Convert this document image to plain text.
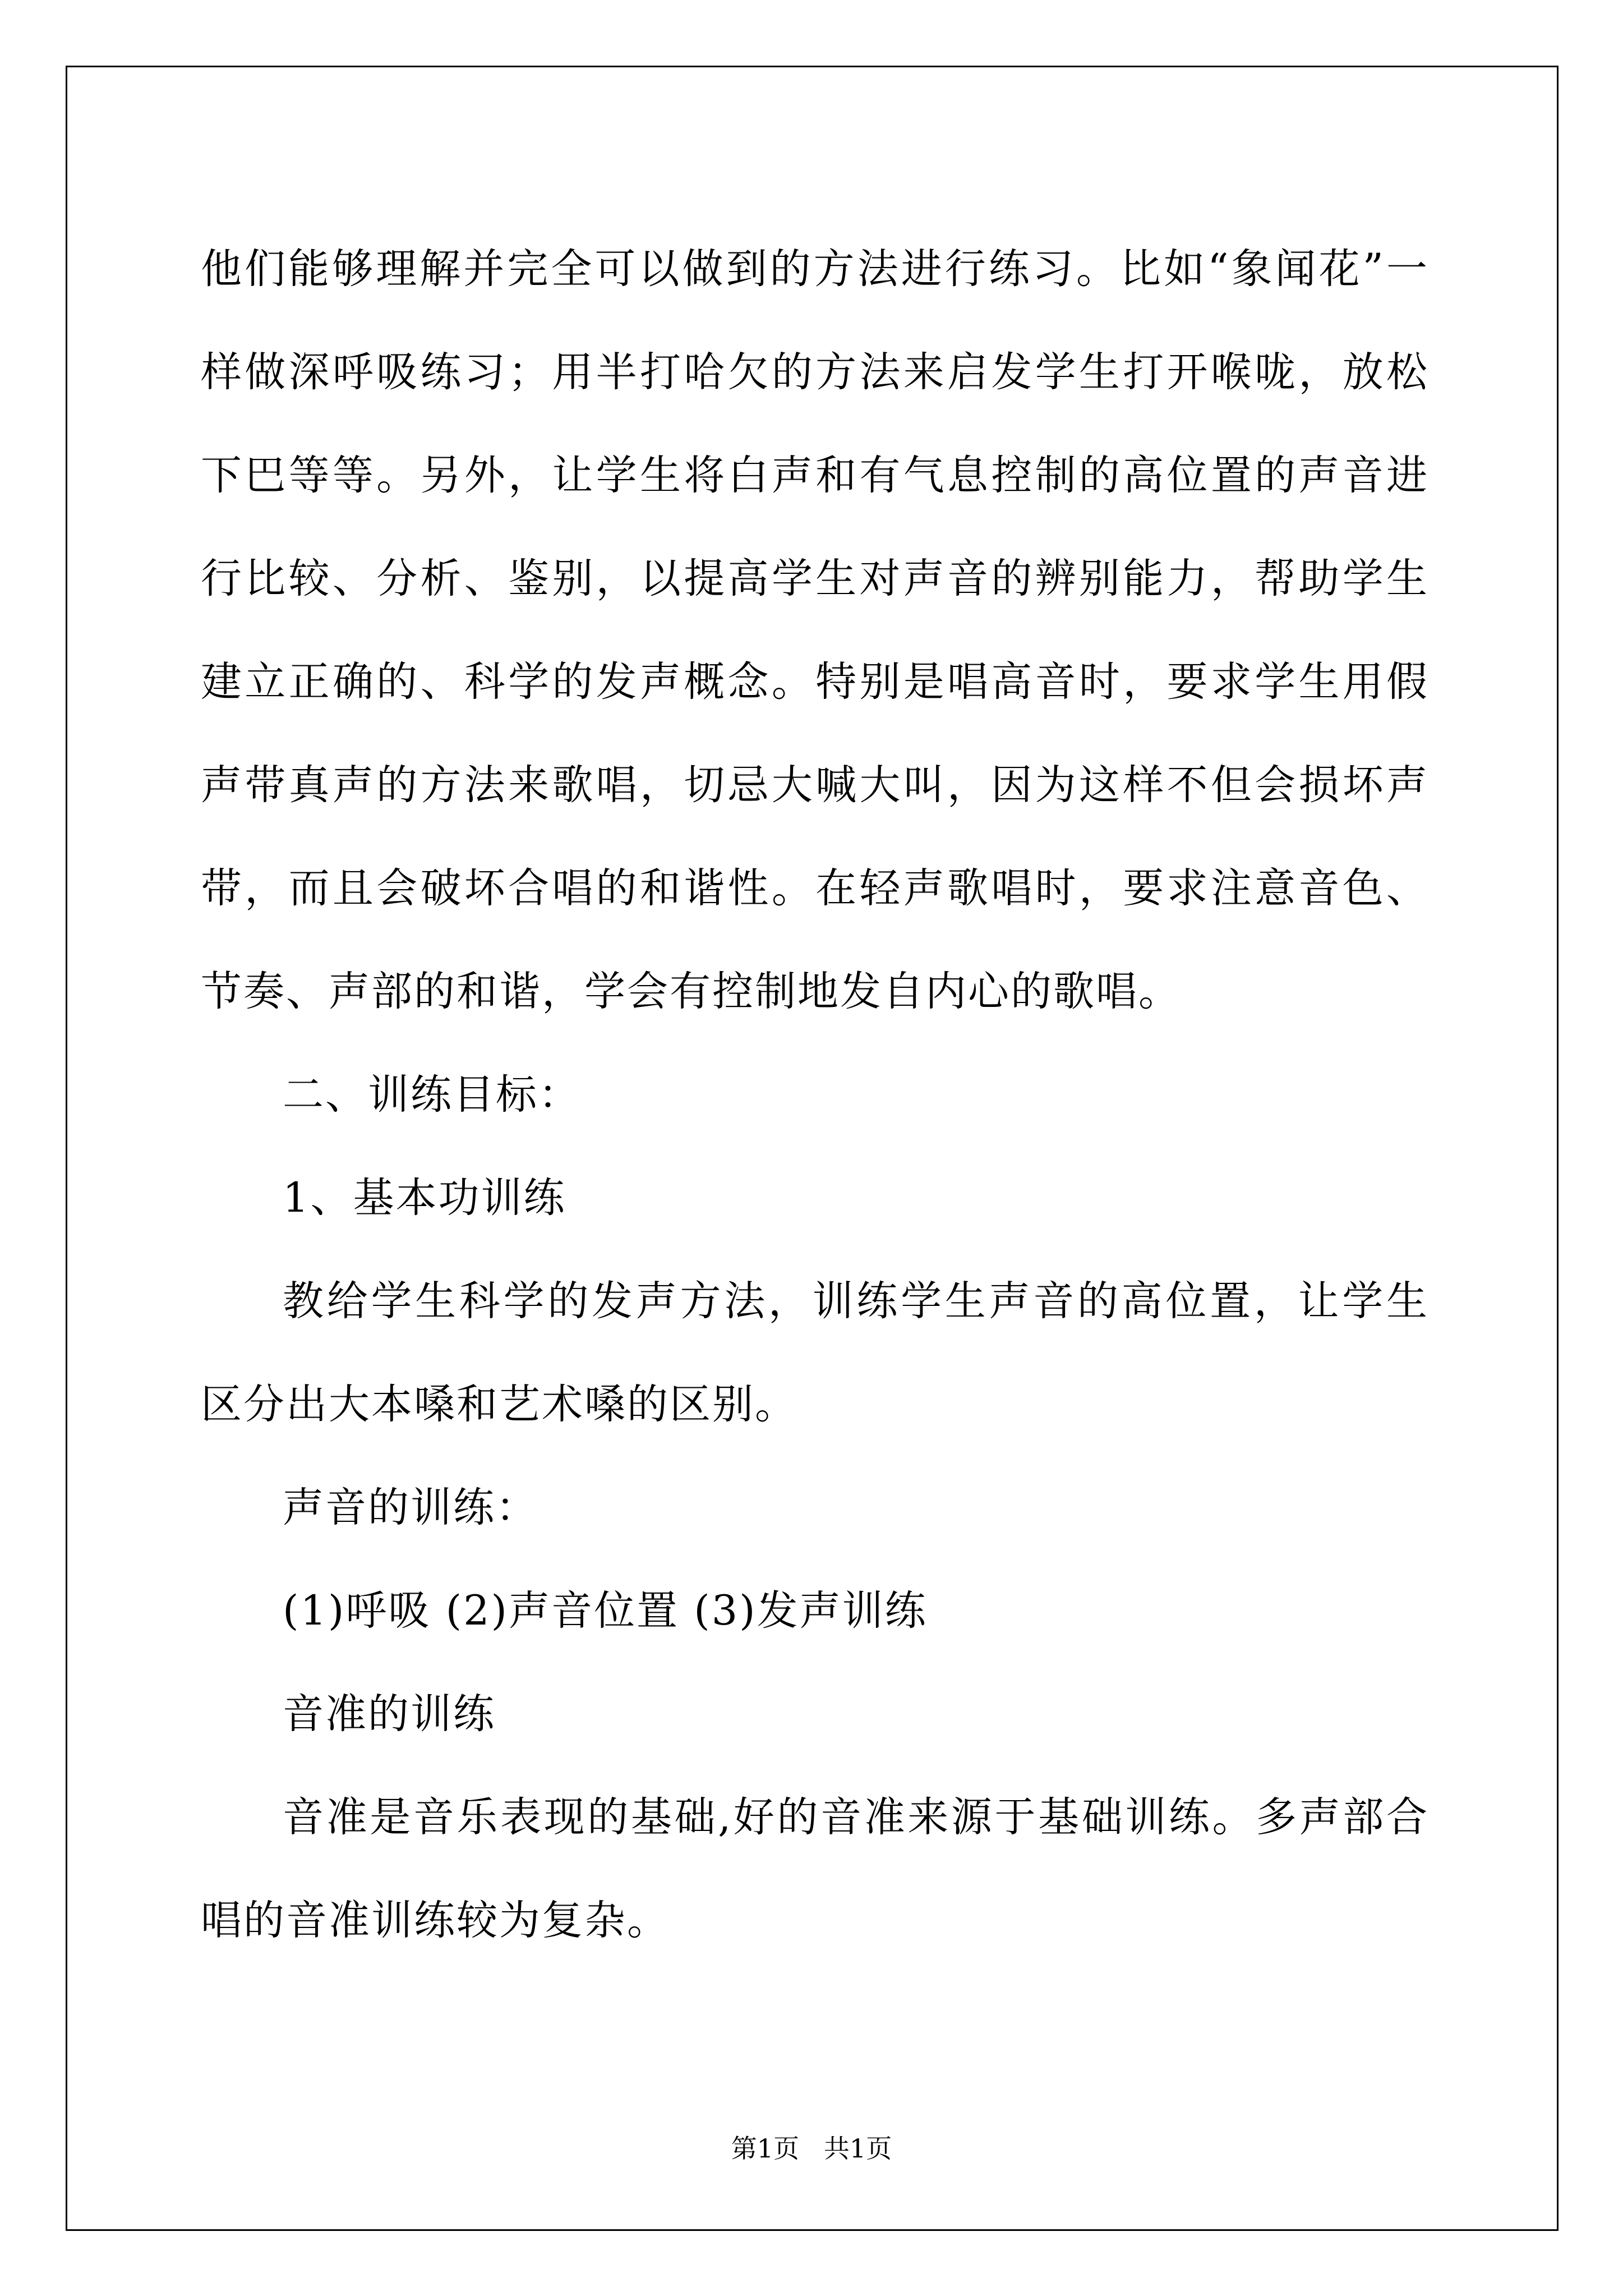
他们能够理解并完全可以做到的方法进行练习。比如“象闻花”一样做深呼吸练习；用半打哈欠的方法来启发学生打开喉咙，放松下巴等等。另外，让学生将白声和有气息控制的高位置的声音进行比较、分析、鉴别，以提高学生对声音的辨别能力，帮助学生建立正确的、科学的发声概念。特别是唱高音时，要求学生用假声带真声的方法来歌唱，切忌大喊大叫，因为这样不但会损坏声带，而且会破坏合唱的和谐性。在轻声歌唱时，要求注意音色、节奏、声部的和谐，学会有控制地发自内心的歌唱。

二、训练目标：

1、基本功训练

教给学生科学的发声方法，训练学生声音的高位置，让学生区分出大本嗓和艺术嗓的区别。

声音的训练：

(1)呼吸 (2)声音位置 (3)发声训练

音准的训练

音准是音乐表现的基础,好的音准来源于基础训练。多声部合唱的音准训练较为复杂。

第1页   共1页
